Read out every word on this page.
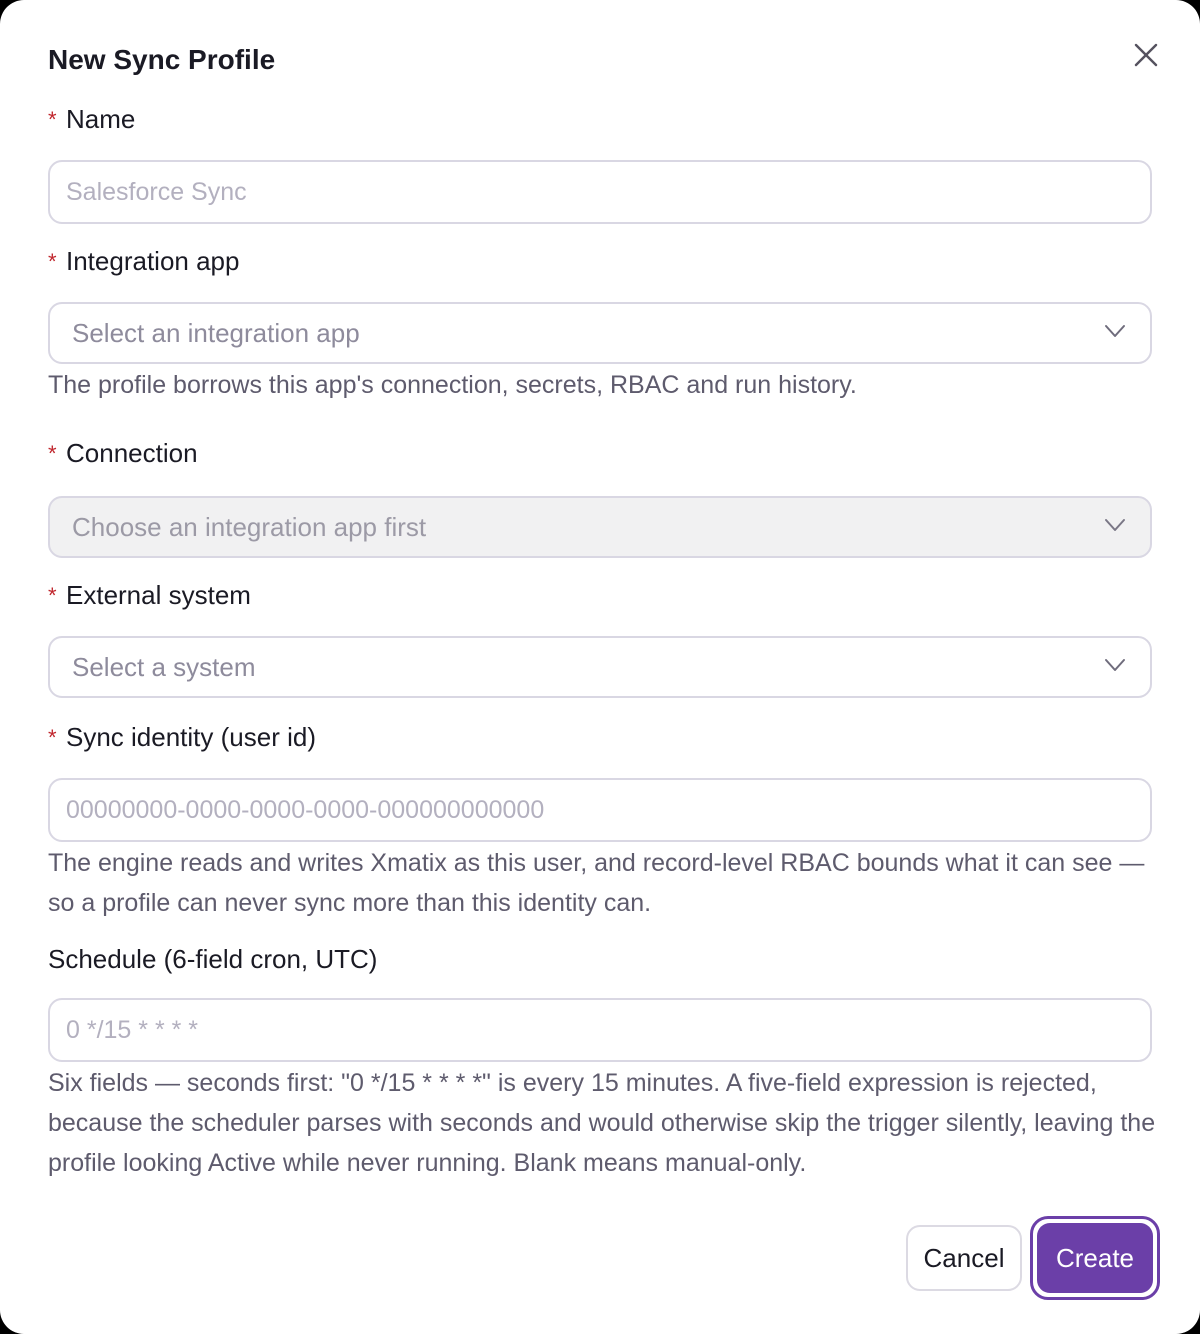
New Sync Profile
* Name
Salesforce Sync
* Integration app
Select an integration app
The profile borrows this app's connection, secrets, RBAC and run history.
* Connection
Choose an integration app first
* External system
Select a system
* Sync identity (user id)
00000000-0000-0000-0000-000000000000
The engine reads and writes Xmatix as this user, and record-level RBAC bounds what it can see — so a profile can never sync more than this identity can.
Schedule (6-field cron, UTC)
0 */15 * * * *
Six fields — seconds first: "0 */15 * * * *" is every 15 minutes. A five-field expression is rejected, because the scheduler parses with seconds and would otherwise skip the trigger silently, leaving the profile looking Active while never running. Blank means manual-only.
Cancel	Create
